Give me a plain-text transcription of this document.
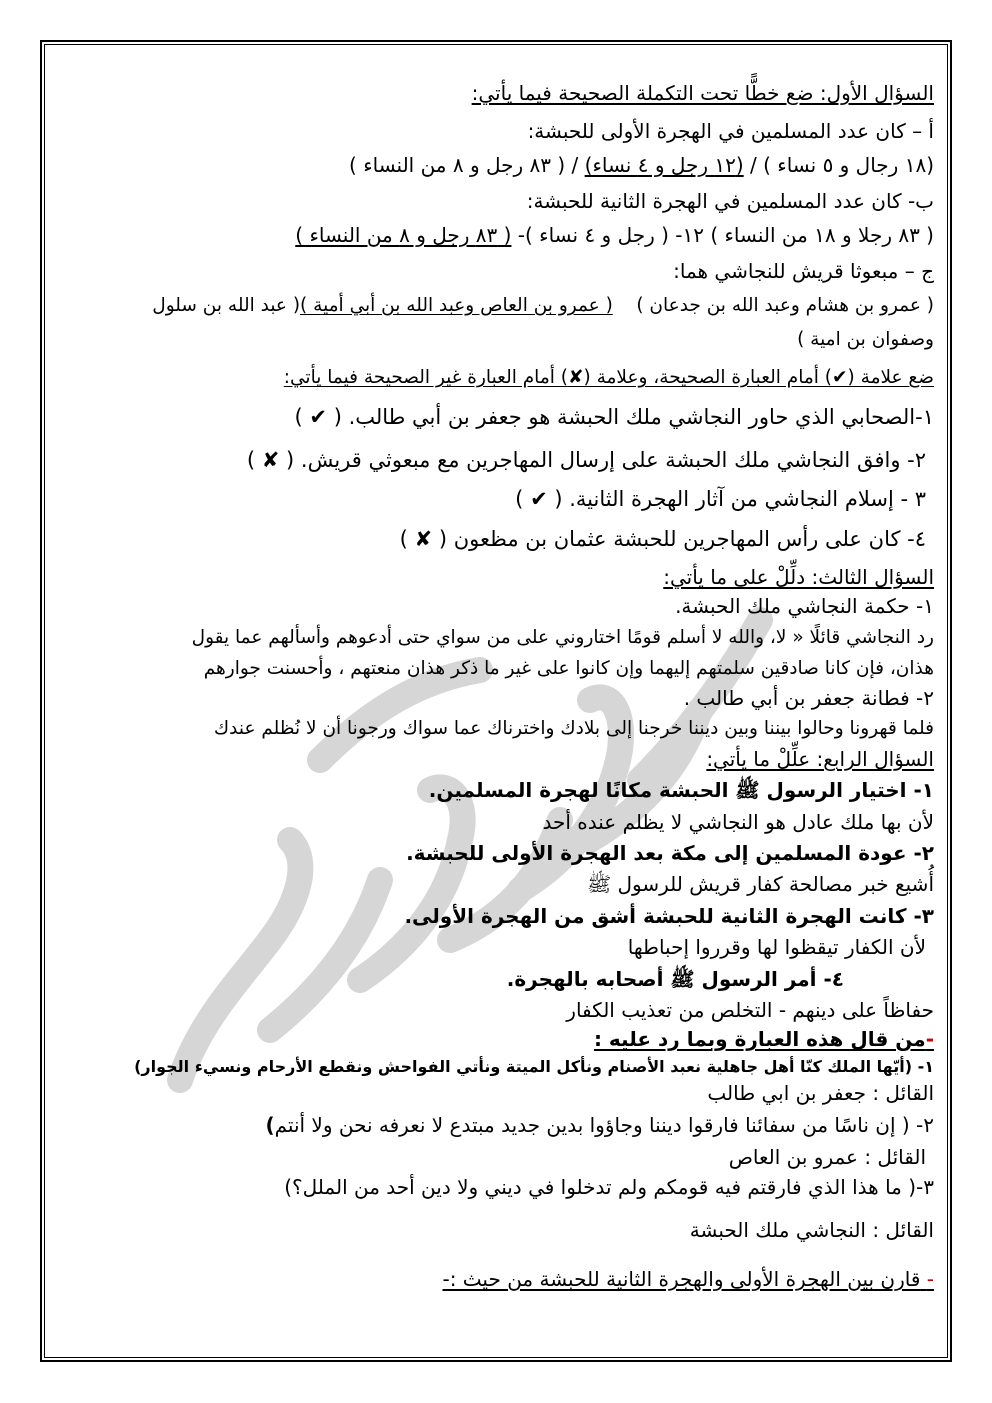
السؤال الأول: ضع خطًّا تحت التكملة الصحيحة فيما يأتي:
أ – كان عدد المسلمين في الهجرة الأولى للحبشة:
(١٨ رجال و ٥ نساء ) / (١٢ رجل و ٤ نساء) / ( ٨٣ رجل و ٨ من النساء )
ب- كان عدد المسلمين في الهجرة الثانية للحبشة:
( ٨٣ رجلا و ١٨ من النساء ) ١٢- ( رجل و ٤ نساء )- ( ٨٣ رجل و ٨ من النساء )
ج – مبعوثا قريش للنجاشي هما:
( عمرو بن هشام وعبد الله بن جدعان )    ( عمرو بن العاص وعبد الله بن أبي أمية )( عبد الله بن سلول
وصفوان بن امية )
ضع علامة (✔) أمام العبارة الصحيحة، وعلامة (✘) أمام العبارة غير الصحيحة فيما يأتي:
١-الصحابي الذي حاور النجاشي ملك الحبشة هو جعفر بن أبي طالب. ( ✔ )
٢- وافق النجاشي ملك الحبشة على إرسال المهاجرين مع مبعوثي قريش. ( ✘ )
٣ - إسلام النجاشي من آثار الهجرة الثانية. ( ✔ )
٤- كان على رأس المهاجرين للحبشة عثمان بن مظعون ( ✘ )
السؤال الثالث: دلِّلْ على ما يأتي:
١- حكمة النجاشي ملك الحبشة.
رد النجاشي قائلًا « لا، والله لا أسلم قومًا اختاروني على من سواي حتى أدعوهم وأسألهم عما يقول
هذان، فإن كانا صادقين سلمتهم إليهما وإن كانوا على غير ما ذكر هذان منعتهم ، وأحسنت جوارهم
٢- فطانة جعفر بن أبي طالب .
فلما قهرونا وحالوا بيننا وبين ديننا خرجنا إلى بلادك واخترناك عما سواك ورجونا أن لا نُظلم عندك
السؤال الرابع: علِّلْ ما يأتي:
١- اختيار الرسول ﷺ الحبشة مكانًا لهجرة المسلمين.
لأن بها ملك عادل هو النجاشي لا يظلم عنده أحد
٢- عودة المسلمين إلى مكة بعد الهجرة الأولى للحبشة.
أُشيع خبر مصالحة كفار قريش للرسول ﷺ
٣- كانت الهجرة الثانية للحبشة أشق من الهجرة الأولى.
لأن الكفار تيقظوا لها وقرروا إحباطها
٤- أمر الرسول ﷺ أصحابه بالهجرة.
حفاظاً على دينهم - التخلص من تعذيب الكفار
-من قال هذه العبارة وبما رد عليه :
١- (أيّها الملك كنّا أهل جاهلية نعبد الأصنام ونأكل الميتة ونأتي الفواحش ونقطع الأرحام ونسيء الجوار)
القائل : جعفر بن ابي طالب
٢- ( إن ناسًا من سفائنا فارقوا ديننا وجاؤوا بدين جديد مبتدع لا نعرفه نحن ولا أنتم)
القائل : عمرو بن العاص
٣-( ما هذا الذي فارقتم فيه قومكم ولم تدخلوا في ديني ولا دين أحد من الملل؟)
القائل : النجاشي ملك الحبشة
- قارن بين الهجرة الأولى والهجرة الثانية للحبشة من حيث :-
